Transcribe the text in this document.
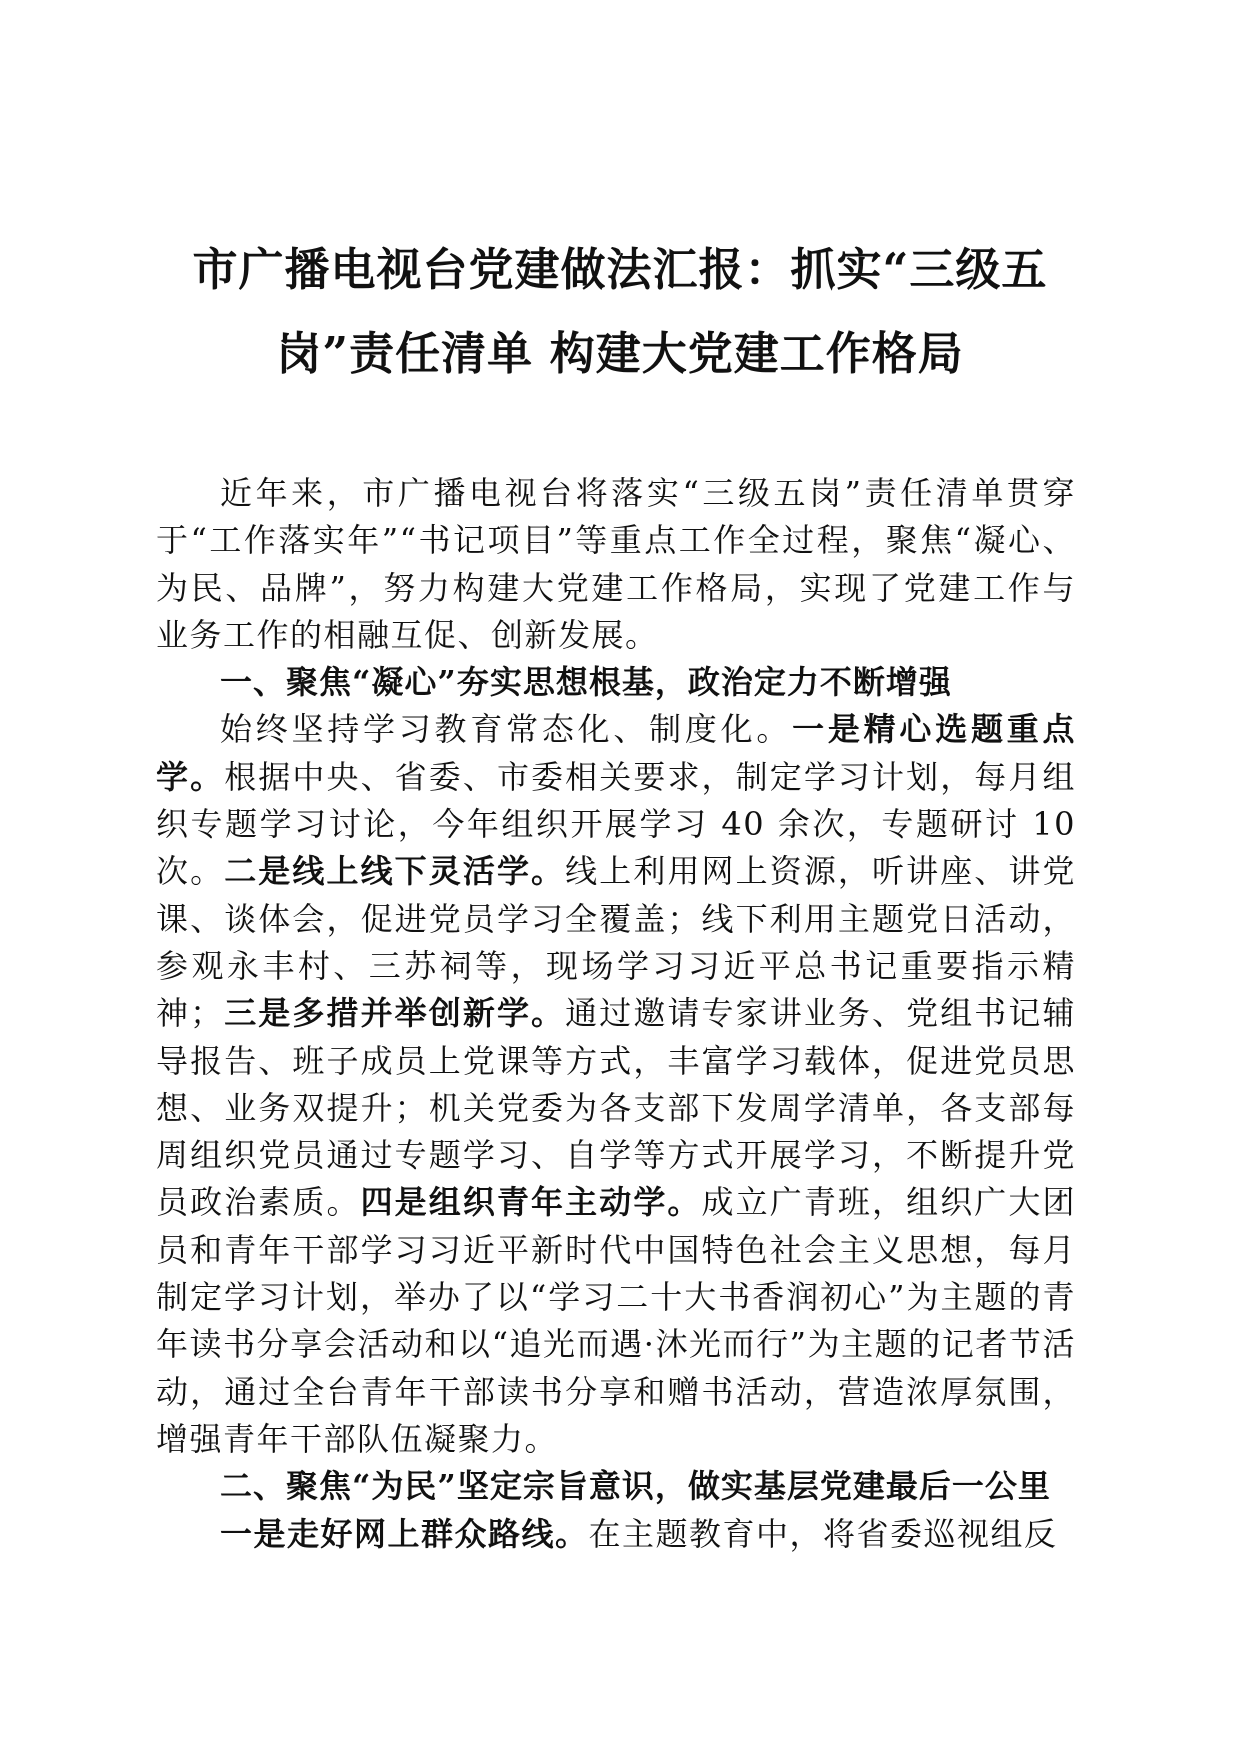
市广播电视台党建做法汇报：抓实“三级五
岗”责任清单 构建大党建工作格局

近年来，市广播电视台将落实“三级五岗”责任清单贯穿于“工作落实年”“书记项目”等重点工作全过程，聚焦“凝心、为民、品牌”，努力构建大党建工作格局，实现了党建工作与业务工作的相融互促、创新发展。

一、聚焦“凝心”夯实思想根基，政治定力不断增强

始终坚持学习教育常态化、制度化。一是精心选题重点学。根据中央、省委、市委相关要求，制定学习计划，每月组织专题学习讨论，今年组织开展学习 40 余次，专题研讨 10 次。二是线上线下灵活学。线上利用网上资源，听讲座、讲党课、谈体会，促进党员学习全覆盖；线下利用主题党日活动，参观永丰村、三苏祠等，现场学习习近平总书记重要指示精神；三是多措并举创新学。通过邀请专家讲业务、党组书记辅导报告、班子成员上党课等方式，丰富学习载体，促进党员思想、业务双提升；机关党委为各支部下发周学清单，各支部每周组织党员通过专题学习、自学等方式开展学习，不断提升党员政治素质。四是组织青年主动学。成立广青班，组织广大团员和青年干部学习习近平新时代中国特色社会主义思想，每月制定学习计划，举办了以“学习二十大书香润初心”为主题的青年读书分享会活动和以“追光而遇·沐光而行”为主题的记者节活动，通过全台青年干部读书分享和赠书活动，营造浓厚氛围，增强青年干部队伍凝聚力。

二、聚焦“为民”坚定宗旨意识，做实基层党建最后一公里

一是走好网上群众路线。在主题教育中，将省委巡视组反
